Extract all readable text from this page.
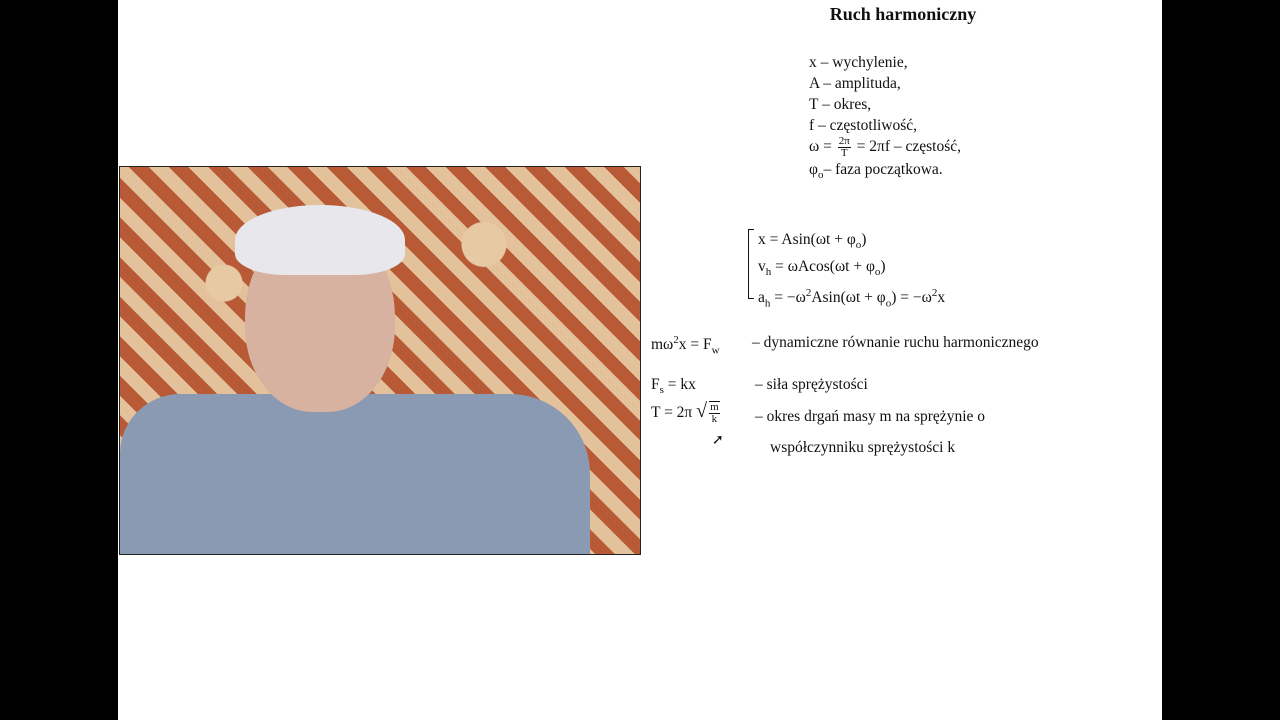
Ruch harmoniczny
x – wychylenie,
A – amplituda,
T – okres,
f – częstotliwość,
$\omega = \frac{2\pi}{T} = 2\pi f$ – częstość,
$\varphi_o-$ faza początkowa.
$x = Asin(\omega t + \varphi_o)$
$v_h = \omega Acos(\omega t + \varphi_o)$
$a_h = -\omega^2Asin(\omega t + \varphi_o) = -\omega^2x$
$m\omega^2x = F_w$ – dynamiczne równanie ruchu harmonicznego
$F_s$ = kx	– siła sprężystości
T = 2π √ $\frac{m}{k}$ – okres drgań masy m na sprężynie o
współczynniku sprężystości k
➚
